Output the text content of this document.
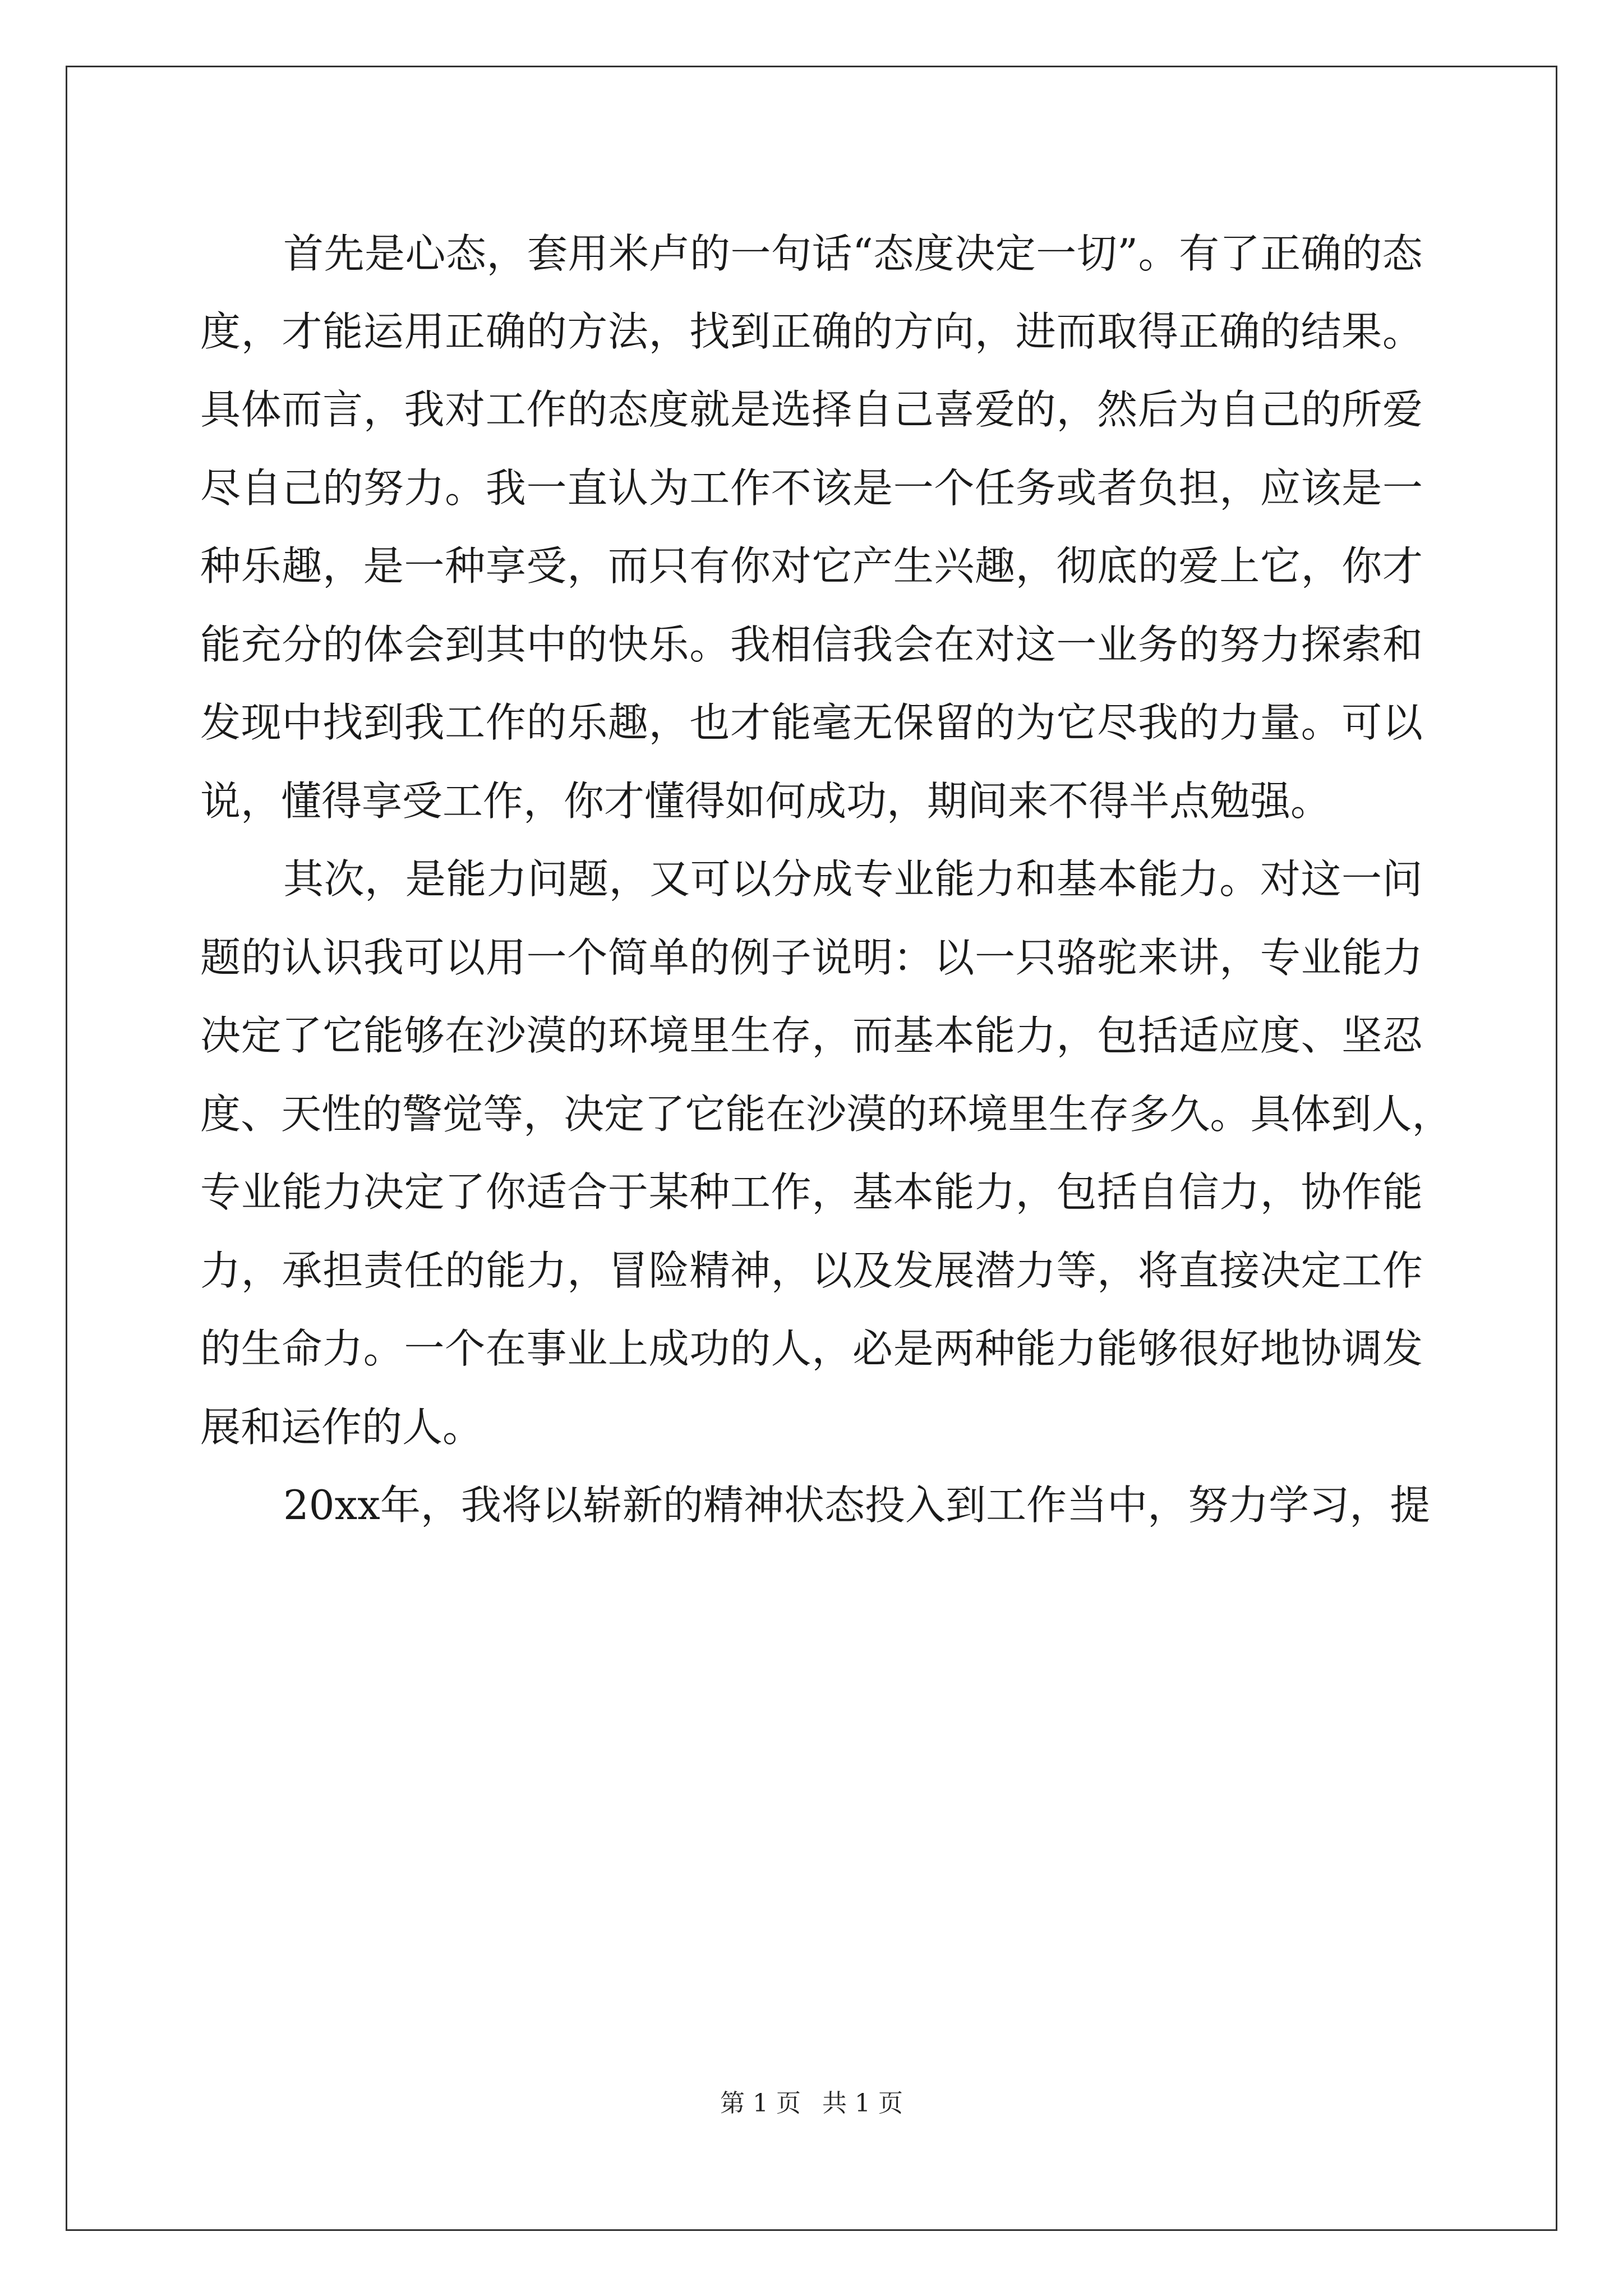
首 先 是 心 态 ， 套 用 米 卢 的 一 句 话 “ 态 度 决 定 一 切 ” 。 有 了 正 确 的 态
度 ， 才 能 运 用 正 确 的 方 法 ， 找 到 正 确 的 方 向 ， 进 而 取 得 正 确 的 结 果 。
具 体 而 言 ， 我 对 工 作 的 态 度 就 是 选 择 自 己 喜 爱 的 ， 然 后 为 自 己 的 所 爱
尽 自 己 的 努 力 。 我 一 直 认 为 工 作 不 该 是 一 个 任 务 或 者 负 担 ， 应 该 是 一
种 乐 趣 ， 是 一 种 享 受 ， 而 只 有 你 对 它 产 生 兴 趣 ， 彻 底 的 爱 上 它 ， 你 才
能 充 分 的 体 会 到 其 中 的 快 乐 。 我 相 信 我 会 在 对 这 一 业 务 的 努 力 探 索 和
发 现 中 找 到 我 工 作 的 乐 趣 ， 也 才 能 毫 无 保 留 的 为 它 尽 我 的 力 量 。 可 以
说，懂得享受工作，你才懂得如何成功，期间来不得半点勉强。
其 次 ， 是 能 力 问 题 ， 又 可 以 分 成 专 业 能 力 和 基 本 能 力 。 对 这 一 问
题 的 认 识 我 可 以 用 一 个 简 单 的 例 子 说 明 ： 以 一 只 骆 驼 来 讲 ， 专 业 能 力
决 定 了 它 能 够 在 沙 漠 的 环 境 里 生 存 ， 而 基 本 能 力 ， 包 括 适 应 度 、 坚 忍
度 、 天 性 的 警 觉 等 ， 决 定 了 它 能 在 沙 漠 的 环 境 里 生 存 多 久 。 具 体 到 人 ，
专 业 能 力 决 定 了 你 适 合 于 某 种 工 作 ， 基 本 能 力 ， 包 括 自 信 力 ， 协 作 能
力 ， 承 担 责 任 的 能 力 ， 冒 险 精 神 ， 以 及 发 展 潜 力 等 ， 将 直 接 决 定 工 作
的 生 命 力 。 一 个 在 事 业 上 成 功 的 人 ， 必 是 两 种 能 力 能 够 很 好 地 协 调 发
展和运作的人。
20xx 年 ， 我 将 以 崭 新 的 精 神 状 态 投 入 到 工 作 当 中 ， 努 力 学 习 ， 提
第 1 页 共 1 页
